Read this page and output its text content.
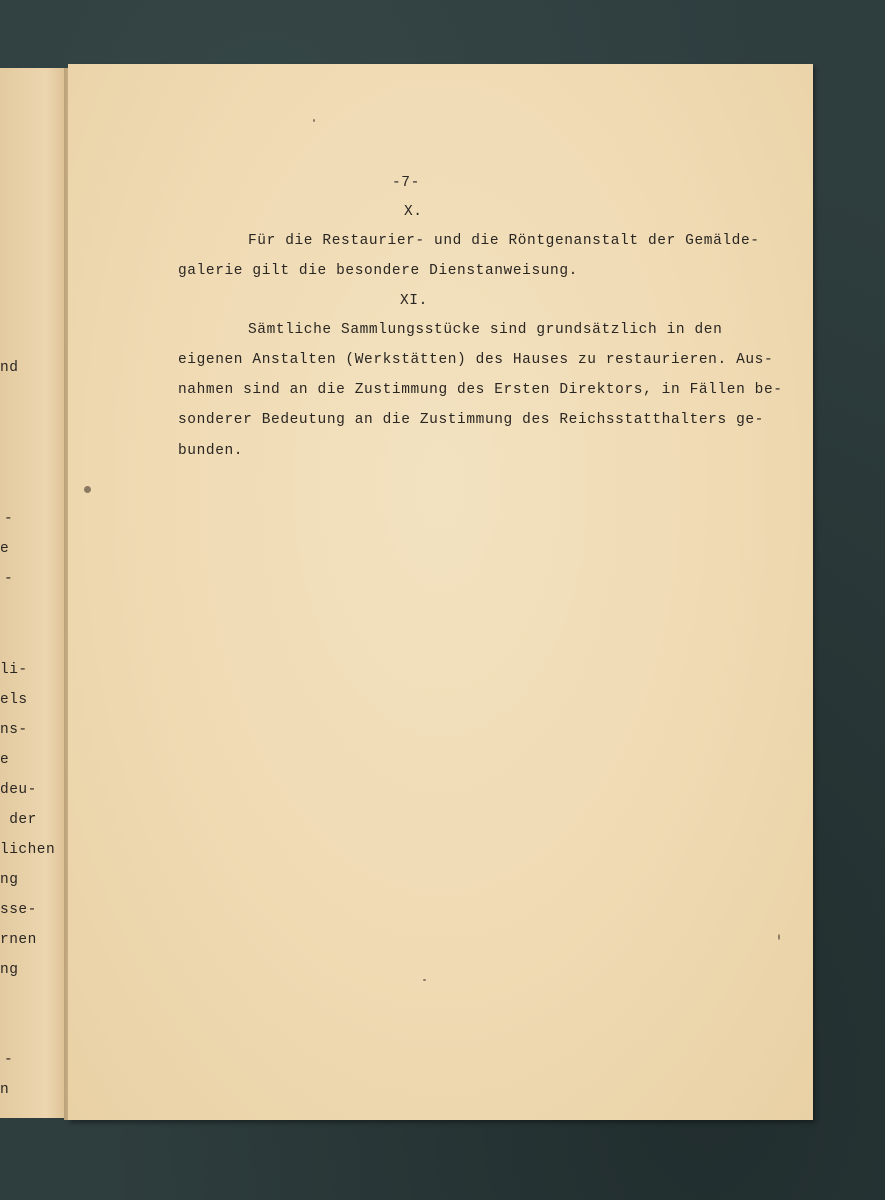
nd
-
e
-
li-
els
ns-
e
deu-
der
lichen
ng
sse-
rnen
ng
-
n
-7-
X.
Für die Restaurier- und die Röntgenanstalt der Gemälde-
galerie gilt die besondere Dienstanweisung.
XI.
Sämtliche Sammlungsstücke sind grundsätzlich in den
eigenen Anstalten (Werkstätten) des Hauses zu restaurieren. Aus-
nahmen sind an die Zustimmung des Ersten Direktors, in Fällen be-
sonderer Bedeutung an die Zustimmung des Reichsstatthalters ge-
bunden.
